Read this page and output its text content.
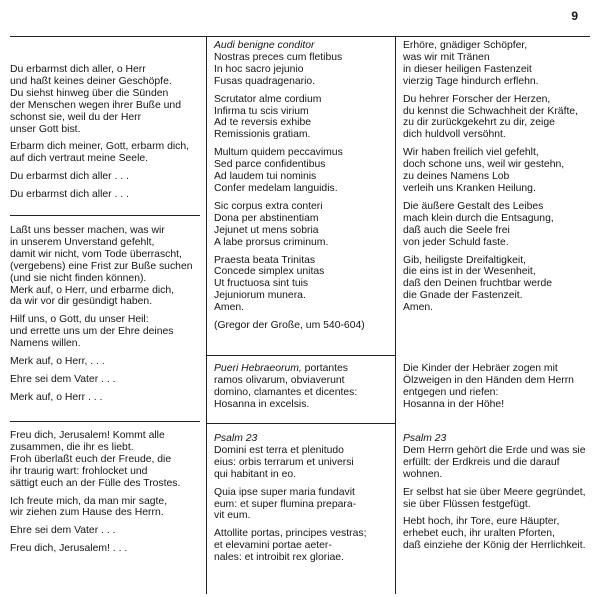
9

Du erbarmst dich aller, o Herr
und haßt keines deiner Geschöpfe.
Du siehst hinweg über die Sünden
der Menschen wegen ihrer Buße und
schonst sie, weil du der Herr
unser Gott bist.

Erbarm dich meiner, Gott, erbarm dich,
auf dich vertraut meine Seele.

Du erbarmst dich aller . . .

Du erbarmst dich aller . . .

Laßt uns besser machen, was wir
in unserem Unverstand gefehlt,
damit wir nicht, vom Tode überrascht,
(vergebens) eine Frist zur Buße suchen
(und sie nicht finden können).
Merk auf, o Herr, und erbarme dich,
da wir vor dir gesündigt haben.

Hilf uns, o Gott, du unser Heil:
und errette uns um der Ehre deines
Namens willen.

Merk auf, o Herr, . . .

Ehre sei dem Vater . . .

Merk auf, o Herr . . .

Freu dich, Jerusalem! Kommt alle
zusammen, die ihr es liebt.
Froh überlaßt euch der Freude, die
ihr traurig wart: frohlocket und
sättigt euch an der Fülle des Trostes.

Ich freute mich, da man mir sagte,
wir ziehen zum Hause des Herrn.

Ehre sei dem Vater . . .

Freu dich, Jerusalem! . . .

Audi benigne conditor

Nostras preces cum fletibus
In hoc sacro jejunio
Fusas quadragenario.

Scrutator alme cordium
Infirma tu scis virium
Ad te reversis exhibe
Remissionis gratiam.

Multum quidem peccavimus
Sed parce confidentibus
Ad laudem tui nominis
Confer medelam languidis.

Sic corpus extra conteri
Dona per abstinentiam
Jejunet ut mens sobria
A labe prorsus criminum.

Praesta beata Trinitas
Concede simplex unitas
Ut fructuosa sint tuis
Jejuniorum munera.
Amen.

(Gregor der Große, um 540-604)

Pueri Hebraeorum, portantes
ramos olivarum, obviaverunt
domino, clamantes et dicentes:
Hosanna in excelsis.

Psalm 23

Domini est terra et plenitudo
eius: orbis terrarum et universi
qui habitant in eo.

Quia ipse super maria fundavit
eum: et super flumina prepara-
vit eum.

Attollite portas, principes vestras;
et elevamini portae aeter-
nales: et introibit rex gloriae.

Erhöre, gnädiger Schöpfer,
was wir mit Tränen
in dieser heiligen Fastenzeit
vierzig Tage hindurch erflehn.

Du hehrer Forscher der Herzen,
du kennst die Schwachheit der Kräfte,
zu dir zurückgekehrt zu dir, zeige
dich huldvoll versöhnt.

Wir haben freilich viel gefehlt,
doch schone uns, weil wir gestehn,
zu deines Namens Lob
verleih uns Kranken Heilung.

Die äußere Gestalt des Leibes
mach klein durch die Entsagung,
daß auch die Seele frei
von jeder Schuld faste.

Gib, heiligste Dreifaltigkeit,
die eins ist in der Wesenheit,
daß den Deinen fruchtbar werde
die Gnade der Fastenzeit.
Amen.

Die Kinder der Hebräer zogen mit
Ölzweigen in den Händen dem Herrn
entgegen und riefen:
Hosanna in der Höhe!

Psalm 23

Dem Herrn gehört die Erde und was sie
erfüllt: der Erdkreis und die darauf
wohnen.

Er selbst hat sie über Meere gegründet,
sie über Flüssen festgefügt.

Hebt hoch, ihr Tore, eure Häupter,
erhebet euch, ihr uralten Pforten,
daß einziehe der König der Herrlichkeit.
